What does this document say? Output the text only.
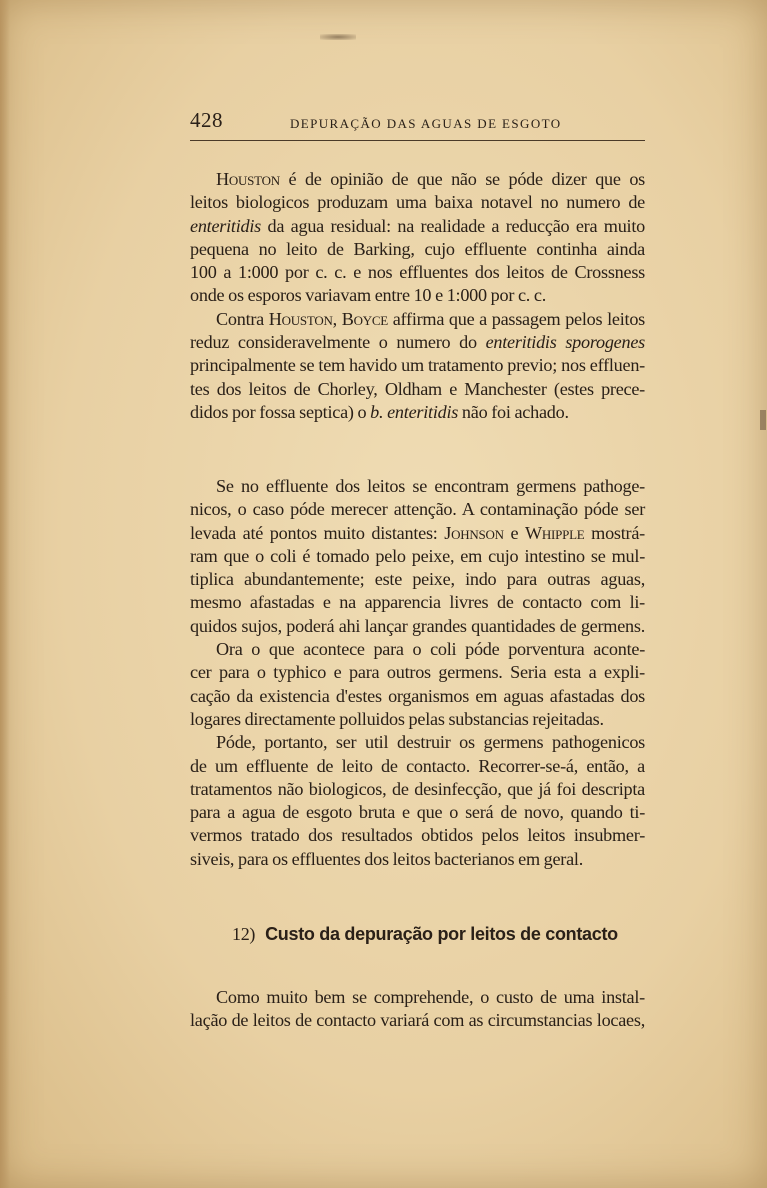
428	DEPURAÇÃO DAS AGUAS DE ESGOTO
Houston é de opinião de que não se póde dizer que os
leitos biologicos produzam uma baixa notavel no numero de
enteritidis da agua residual: na realidade a reducção era muito
pequena no leito de Barking, cujo effluente continha ainda
100 a 1:000 por c. c. e nos effluentes dos leitos de Crossness
onde os esporos variavam entre 10 e 1:000 por c. c.
Contra Houston, Boyce affirma que a passagem pelos leitos
reduz consideravelmente o numero do enteritidis sporogenes
principalmente se tem havido um tratamento previo; nos effluen-
tes dos leitos de Chorley, Oldham e Manchester (estes prece-
didos por fossa septica) o b. enteritidis não foi achado.
Se no effluente dos leitos se encontram germens pathoge-
nicos, o caso póde merecer attenção. A contaminação póde ser
levada até pontos muito distantes: Johnson e Whipple mostrá-
ram que o coli é tomado pelo peixe, em cujo intestino se mul-
tiplica abundantemente; este peixe, indo para outras aguas,
mesmo afastadas e na apparencia livres de contacto com li-
quidos sujos, poderá ahi lançar grandes quantidades de germens.
Ora o que acontece para o coli póde porventura aconte-
cer para o typhico e para outros germens. Seria esta a expli-
cação da existencia d'estes organismos em aguas afastadas dos
logares directamente polluidos pelas substancias rejeitadas.
Póde, portanto, ser util destruir os germens pathogenicos
de um effluente de leito de contacto. Recorrer-se-á, então, a
tratamentos não biologicos, de desinfecção, que já foi descripta
para a agua de esgoto bruta e que o será de novo, quando ti-
vermos tratado dos resultados obtidos pelos leitos insubmer-
siveis, para os effluentes dos leitos bacterianos em geral.
12) Custo da depuração por leitos de contacto
Como muito bem se comprehende, o custo de uma instal-
lação de leitos de contacto variará com as circumstancias locaes,
